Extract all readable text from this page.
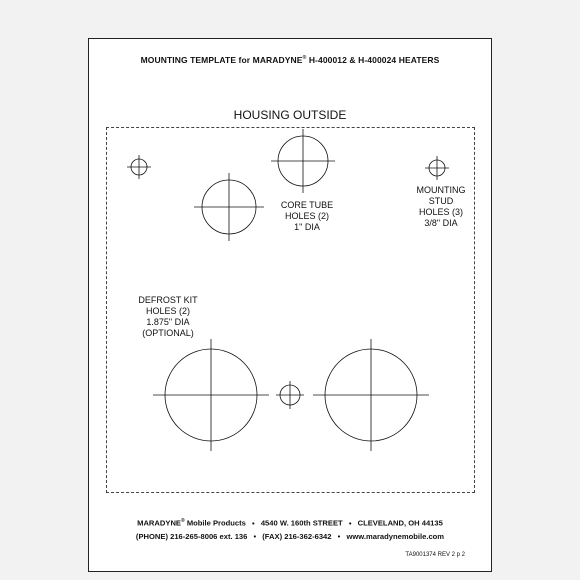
MOUNTING TEMPLATE for MARADYNE® H-400012 & H-400024 HEATERS
HOUSING OUTSIDE
CORE TUBE
HOLES (2)
1" DIA
MOUNTING
STUD
HOLES (3)
3/8" DIA
DEFROST KIT
HOLES (2)
1.875" DIA
(OPTIONAL)
MARADYNE® Mobile Products • 4540 W. 160th STREET • CLEVELAND, OH 44135
(PHONE) 216-265-8006 ext. 136 • (FAX) 216-362-6342 • www.maradynemobile.com
TA9001374 REV 2 p 2
